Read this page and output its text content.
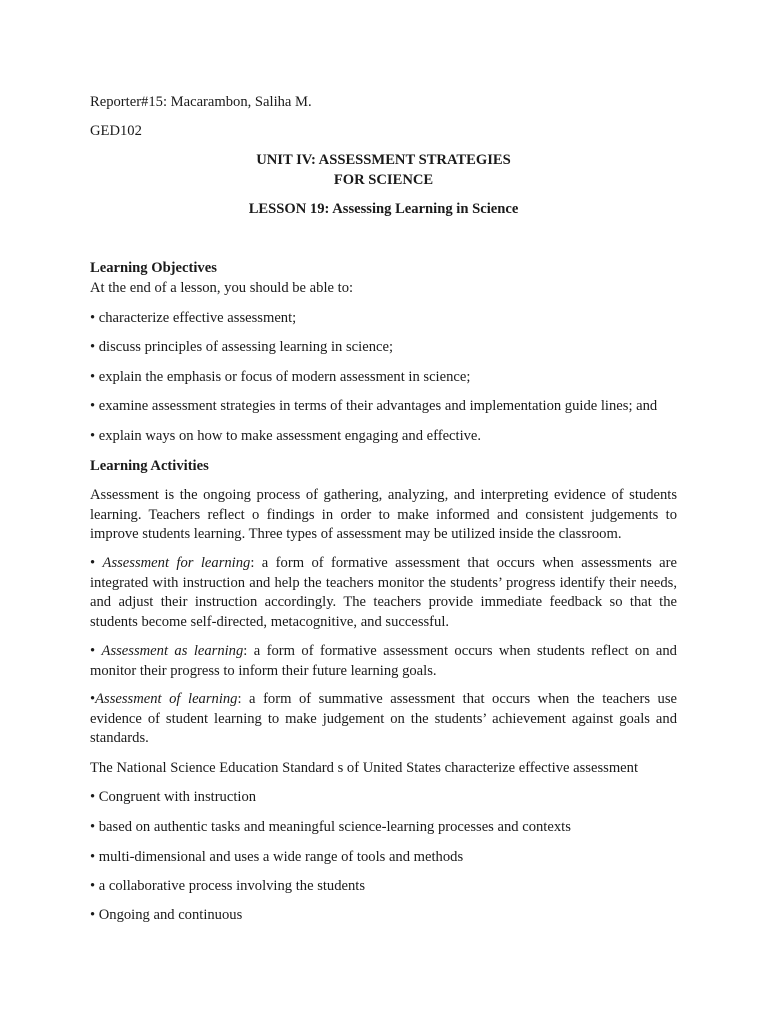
Reporter#15: Macarambon, Saliha M.
GED102
UNIT IV: ASSESSMENT STRATEGIES
FOR SCIENCE
LESSON 19: Assessing Learning in Science
Learning Objectives
At the end of a lesson, you should be able to:
• characterize effective assessment;
• discuss principles of assessing learning in science;
• explain the emphasis or focus of modern assessment in science;
• examine assessment strategies in terms of their advantages and implementation guide lines; and
• explain ways on how to make assessment engaging and effective.
Learning Activities
Assessment is the ongoing process of gathering, analyzing, and interpreting evidence of students learning. Teachers reflect o findings in order to make informed and consistent judgements to improve students learning. Three types of assessment may be utilized inside the classroom.
• Assessment for learning: a form of formative assessment that occurs when assessments are integrated with instruction and help the teachers monitor the students’ progress identify their needs, and adjust their instruction accordingly. The teachers provide immediate feedback so that the students become self-directed, metacognitive, and successful.
• Assessment as learning: a form of formative assessment occurs when students reflect on and monitor their progress to inform their future learning goals.
•Assessment of learning: a form of summative assessment that occurs when the teachers use evidence of student learning to make judgement on the students’ achievement against goals and standards.
The National Science Education Standard s of United States characterize effective assessment
• Congruent with instruction
• based on authentic tasks and meaningful science-learning processes and contexts
• multi-dimensional and uses a wide range of tools and methods
• a collaborative process involving the students
• Ongoing and continuous
